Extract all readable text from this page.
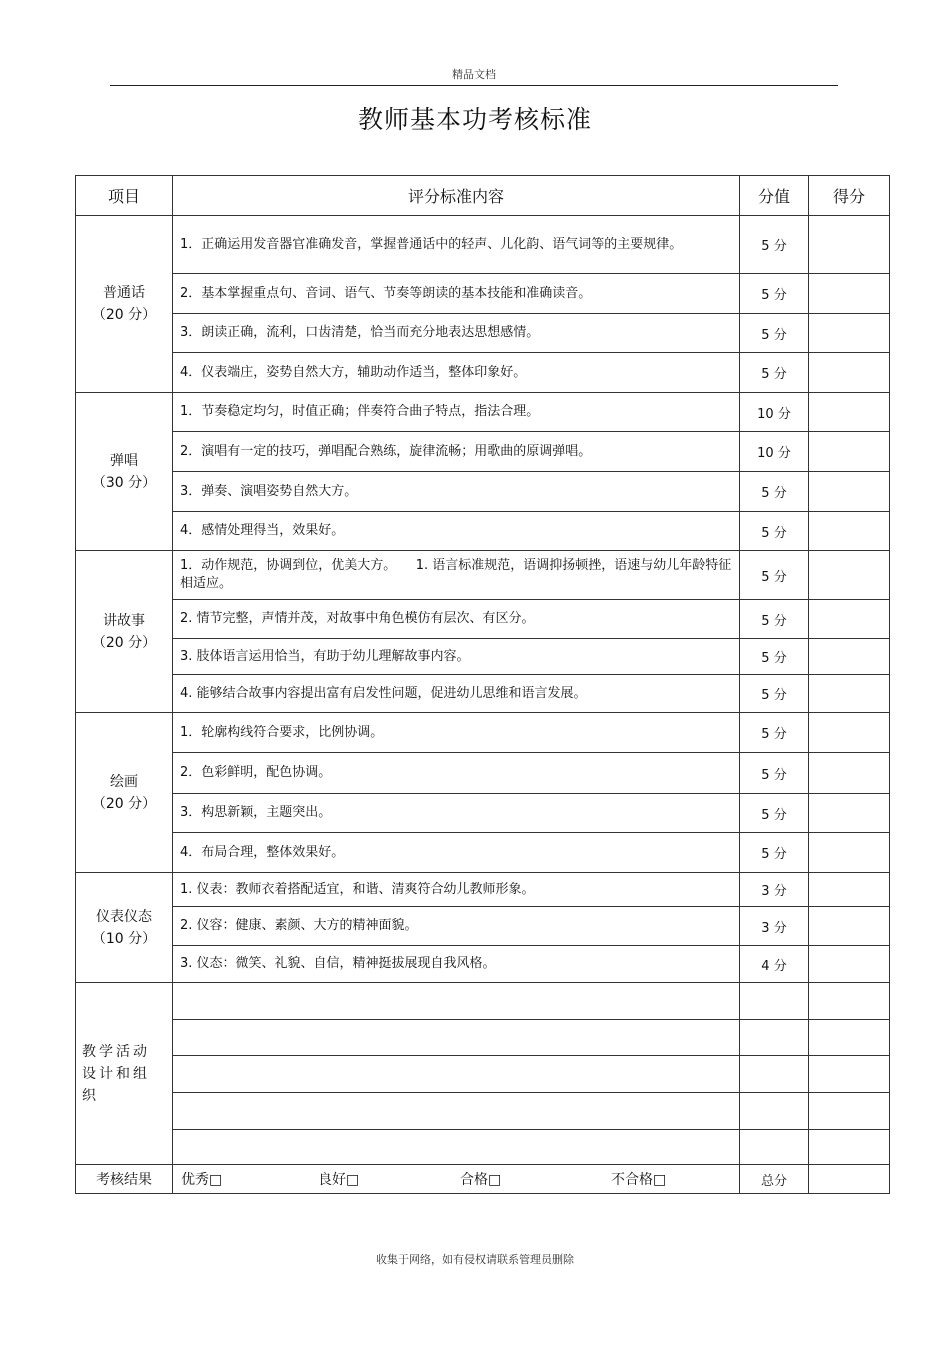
精品文档
教师基本功考核标准
项目	评分标准内容	分值	得分

普通话
（20 分）	1．正确运用发音器官准确发音，掌握普通话中的轻声、儿化韵、语气词等的主要规律。	5 分	
	2．基本掌握重点句、音词、语气、节奏等朗读的基本技能和准确读音。	5 分	
	3．朗读正确，流利，口齿清楚，恰当而充分地表达思想感情。	5 分	
	4．仪表端庄，姿势自然大方，辅助动作适当，整体印象好。	5 分	

弹唱
（30 分）	1．节奏稳定均匀，时值正确；伴奏符合曲子特点，指法合理。	10 分	
	2．演唱有一定的技巧，弹唱配合熟练，旋律流畅；用歌曲的原调弹唱。	10 分	
	3．弹奏、演唱姿势自然大方。	5 分	
	4．感情处理得当，效果好。	5 分	

讲故事
（20 分）	1．动作规范，协调到位，优美大方。　　1. 语言标准规范，语调抑扬顿挫，语速与幼儿年龄特征相适应。	5 分	
	2. 情节完整，声情并茂，对故事中角色模仿有层次、有区分。	5 分	
	3. 肢体语言运用恰当，有助于幼儿理解故事内容。	5 分	
	4. 能够结合故事内容提出富有启发性问题，促进幼儿思维和语言发展。	5 分	

绘画
（20 分）	1．轮廓构线符合要求，比例协调。	5 分	
	2．色彩鲜明，配色协调。	5 分	
	3．构思新颖，主题突出。	5 分	
	4．布局合理，整体效果好。	5 分	

仪表仪态
（10 分）	1. 仪表：教师衣着搭配适宜，和谐、清爽符合幼儿教师形象。	3 分	
	2. 仪容：健康、素颜、大方的精神面貌。	3 分	
	3. 仪态：微笑、礼貌、自信，精神挺拔展现自我风格。	4 分	
教学活动设计和组织			

考核结果	优秀□ 良好□ 合格□ 不合格□	总分	
收集于网络，如有侵权请联系管理员删除
